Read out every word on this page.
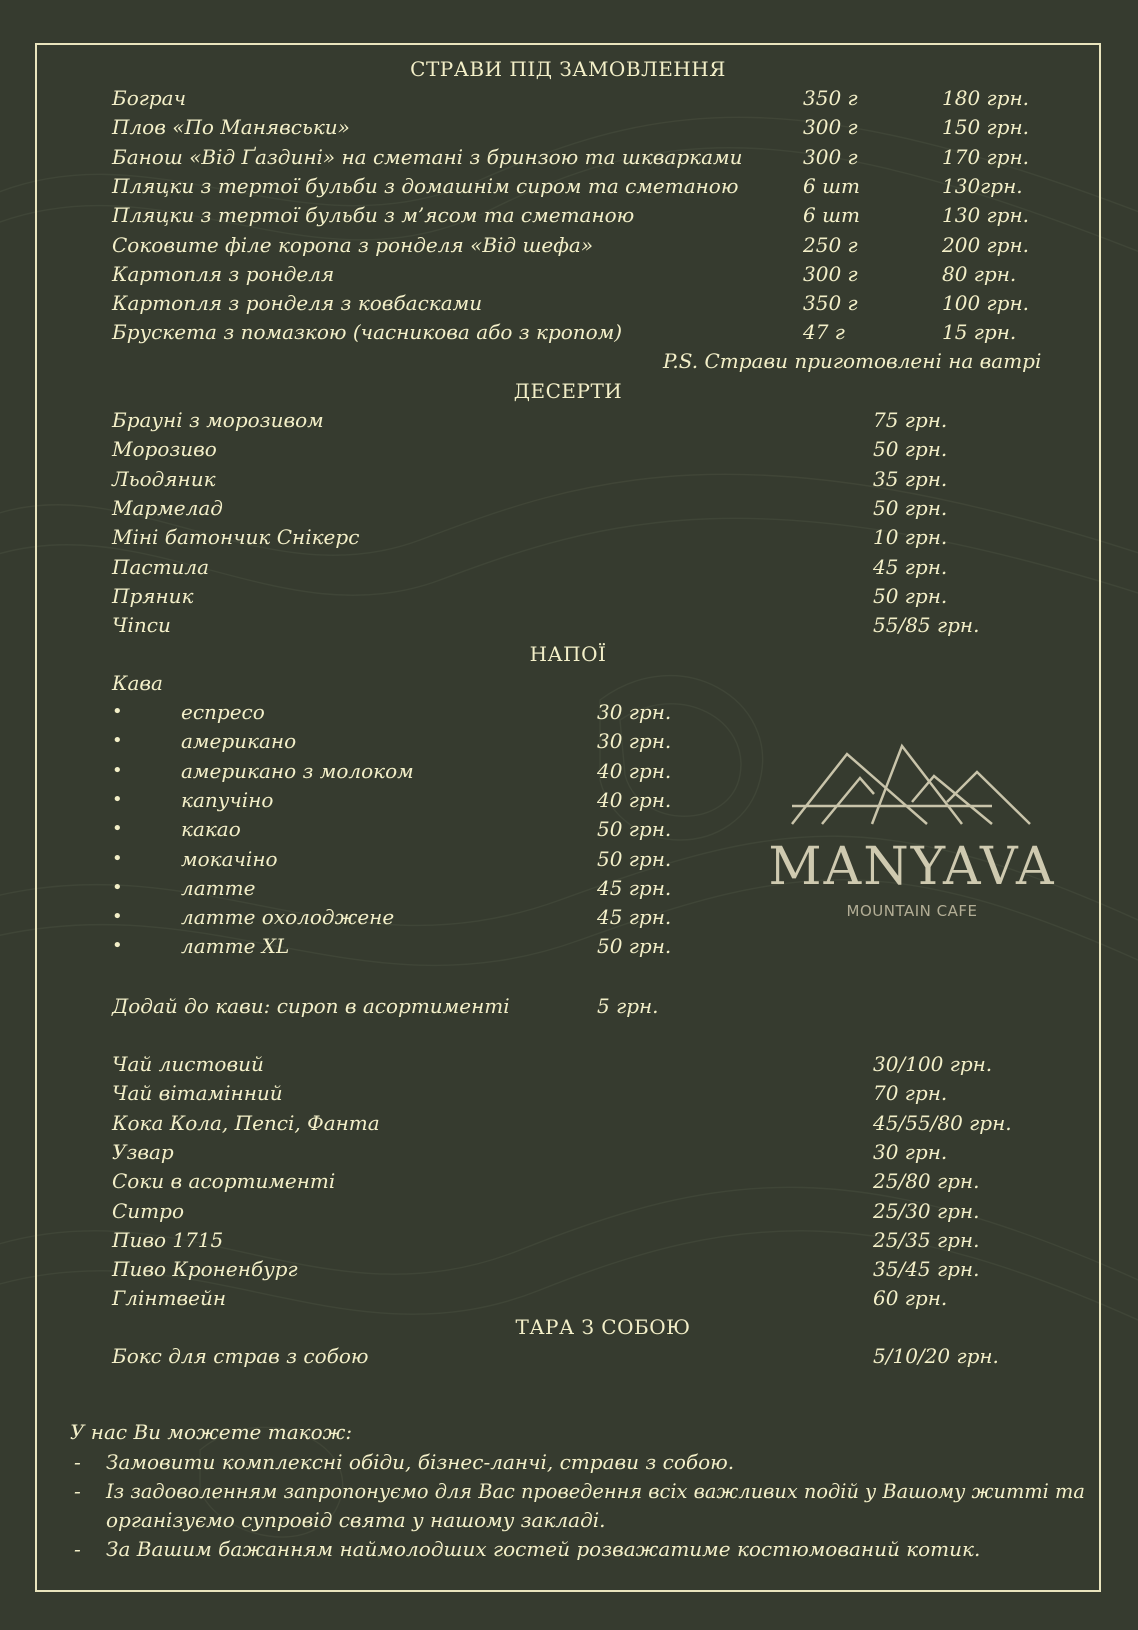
СТРАВИ ПІД ЗАМОВЛЕННЯ
Бограч	350 г	180 грн.
Плов «По Манявськи»	300 г	150 грн.
Банош «Від Ґаздині» на сметані з бринзою та шкварками	300 г	170 грн.
Пляцки з тертої бульби з домашнім сиром та сметаною	6 шт	130грн.
Пляцки з тертої бульби з м’ясом та сметаною	6 шт	130 грн.
Соковите філе коропа з ронделя «Від шефа»	250 г	200 грн.
Картопля з ронделя	300 г	80 грн.
Картопля з ронделя з ковбасками	350 г	100 грн.
Брускета з помазкою (часникова або з кропом)	47 г	15 грн.
P.S. Страви приготовлені на ватрі
ДЕСЕРТИ
Брауні з морозивом	75 грн.
Морозиво	50 грн.
Льодяник	35 грн.
Мармелад	50 грн.
Міні батончик Снікерс	10 грн.
Пастила	45 грн.
Пряник	50 грн.
Чіпси	55/85 грн.
НАПОЇ
Кава
•	еспресо	30 грн.
•	американо	30 грн.
•	американо з молоком	40 грн.
•	капучіно	40 грн.
•	какао	50 грн.
•	мокачіно	50 грн.
•	латте	45 грн.
•	латте охолоджене	45 грн.
•	латте XL	50 грн.
Додай до кави: сироп в асортименті	5 грн.
Чай листовий	30/100 грн.
Чай вітамінний	70 грн.
Кока Кола, Пепсі, Фанта	45/55/80 грн.
Узвар	30 грн.
Соки в асортименті	25/80 грн.
Ситро	25/30 грн.
Пиво 1715	25/35 грн.
Пиво Кроненбург	35/45 грн.
Глінтвейн	60 грн.
ТАРА З СОБОЮ
Бокс для страв з собою	5/10/20 грн.
У нас Ви можете також:
- Замовити комплексні обіди, бізнес-ланчі, страви з собою.
- Із задоволенням запропонуємо для Вас проведення всіх важливих подій у Вашому житті та
організуємо супровід свята у нашому закладі.
- За Вашим бажанням наймолодших гостей розважатиме костюмований котик.
MANYAVA
MOUNTAIN CAFE
